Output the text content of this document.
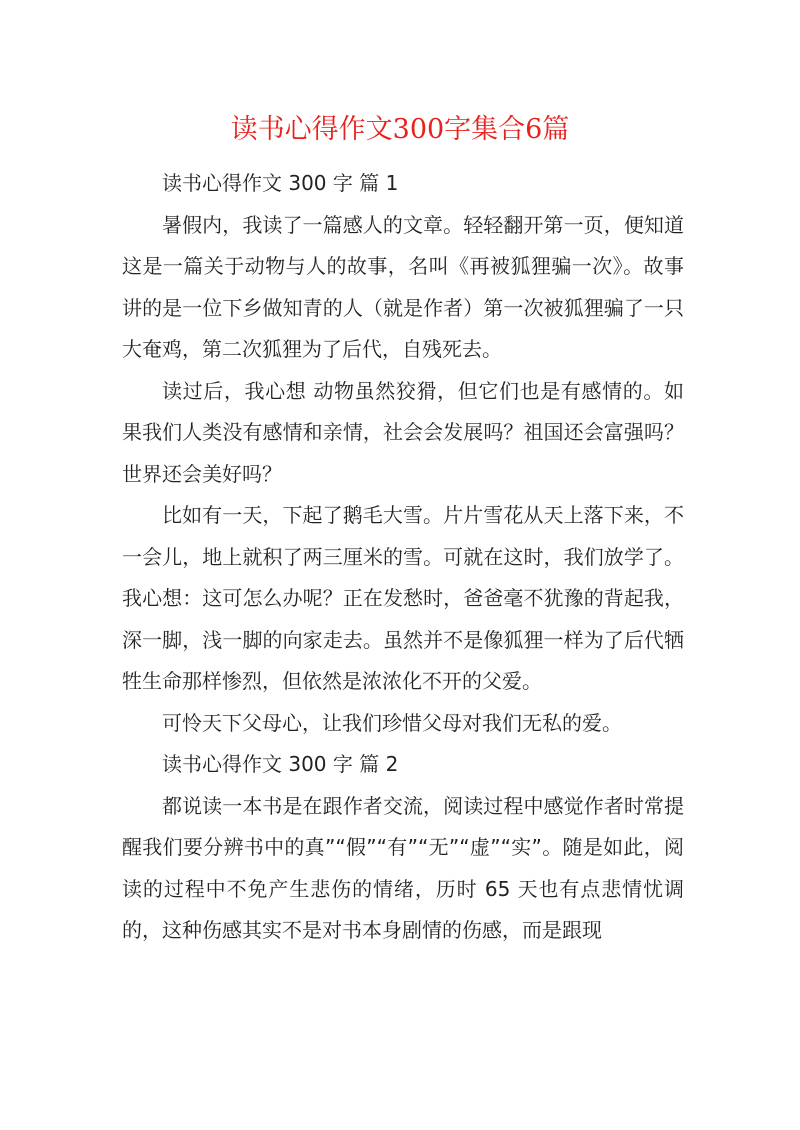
读书心得作文300字集合6篇

读书心得作文 300 字 篇 1

暑假内，我读了一篇感人的文章。轻轻翻开第一页，便知道这是一篇关于动物与人的故事，名叫《再被狐狸骗一次》。故事讲的是一位下乡做知青的人（就是作者）第一次被狐狸骗了一只大奄鸡，第二次狐狸为了后代，自残死去。

读过后，我心想 动物虽然狡猾，但它们也是有感情的。如果我们人类没有感情和亲情，社会会发展吗？祖国还会富强吗？世界还会美好吗？

比如有一天，下起了鹅毛大雪。片片雪花从天上落下来，不一会儿，地上就积了两三厘米的雪。可就在这时，我们放学了。我心想：这可怎么办呢？正在发愁时，爸爸毫不犹豫的背起我，深一脚，浅一脚的向家走去。虽然并不是像狐狸一样为了后代牺牲生命那样惨烈，但依然是浓浓化不开的父爱。

可怜天下父母心，让我们珍惜父母对我们无私的爱。

读书心得作文 300 字 篇 2

都说读一本书是在跟作者交流，阅读过程中感觉作者时常提醒我们要分辨书中的真”“假”“有”“无”“虚”“实”。随是如此，阅读的过程中不免产生悲伤的情绪，历时 65 天也有点悲情忧调的，这种伤感其实不是对书本身剧情的伤感，而是跟现
